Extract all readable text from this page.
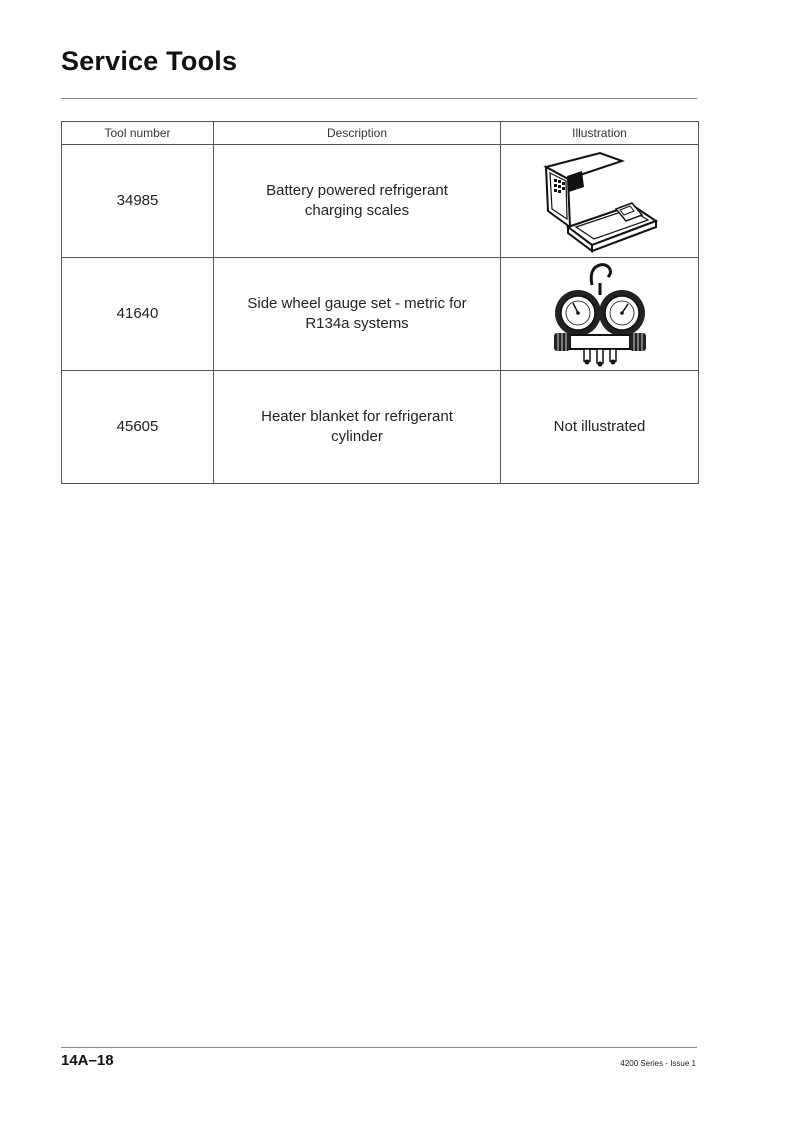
Service Tools
Tool number	Description	Illustration
34985	Battery powered refrigerant charging scales	

41640	Side wheel gauge set - metric for R134a systems	

45605	Heater blanket for refrigerant cylinder	Not illustrated
14A–18	4200 Series - Issue 1
